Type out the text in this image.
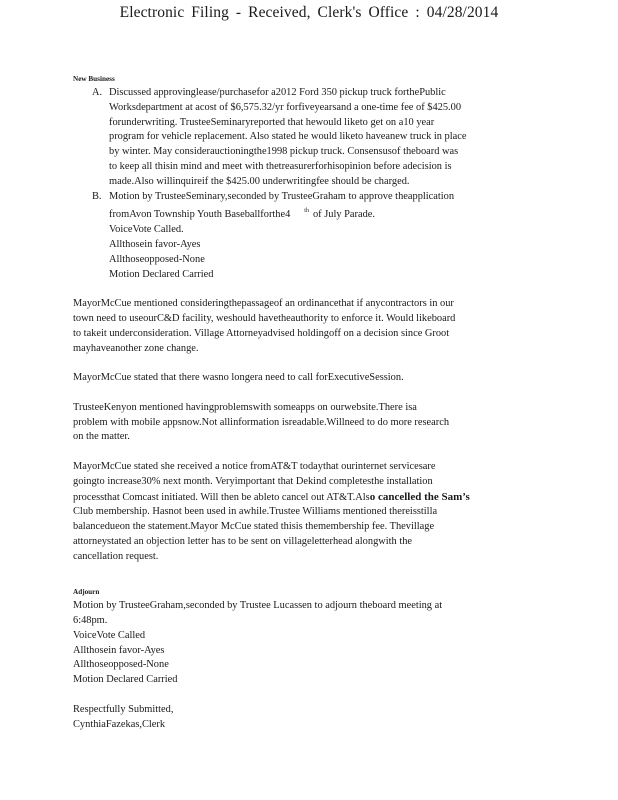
Electronic Filing - Received, Clerk's Office : 04/28/2014
New Business
A. Discussed approvinglease/purchasefor a2012 Ford 350 pickup truck forthePublic
Worksdepartment at acost of $6,575.32/yr forfiveyearsand a one-time fee of $425.00
forunderwriting. TrusteeSeminaryreported that hewould liketo get on a10 year
program for vehicle replacement. Also stated he would liketo haveanew truck in place
by winter. May considerauctioningthe1998 pickup truck. Consensusof theboard was
to keep all thisin mind and meet with thetreasurerforhisopinion before adecision is
made.Also willinquireif the $425.00 underwritingfee should be charged.
B. Motion by TrusteeSeminary,seconded by TrusteeGraham to approve theapplication
fromAvon Township Youth Baseballforthe4 $^{th}$ of July Parade.
VoiceVote Called.
Allthosein favor-Ayes
Allthoseopposed-None
Motion Declared Carried
MayorMcCue mentioned consideringthepassageof an ordinancethat if anycontractors in our
town need to useourC&D facility, weshould havetheauthority to enforce it. Would likeboard
to takeit underconsideration. Village Attorneyadvised holdingoff on a decision since Groot
mayhaveanother zone change.
MayorMcCue stated that there wasno longera need to call forExecutiveSession.
TrusteeKenyon mentioned havingproblemswith someapps on ourwebsite.There isa
problem with mobile appsnow.Not allinformation isreadable.Willneed to do more research
on the matter.
MayorMcCue stated she received a notice fromAT&T todaythat ourinternet servicesare
goingto increase30% next month. Veryimportant that Dekind completesthe installation
processthat Comcast initiated. Will then be ableto cancel out AT&T.Also cancelled the Sam’s
Club membership. Hasnot been used in awhile.Trustee Williams mentioned thereisstilla
balancedueon the statement.Mayor McCue stated thisis themembership fee. Thevillage
attorneystated an objection letter has to be sent on villageletterhead alongwith the
cancellation request.
Adjourn
Motion by TrusteeGraham,seconded by Trustee Lucassen to adjourn theboard meeting at
6:48pm.
VoiceVote Called
Allthosein favor-Ayes
Allthoseopposed-None
Motion Declared Carried
Respectfully Submitted,
CynthiaFazekas,Clerk
